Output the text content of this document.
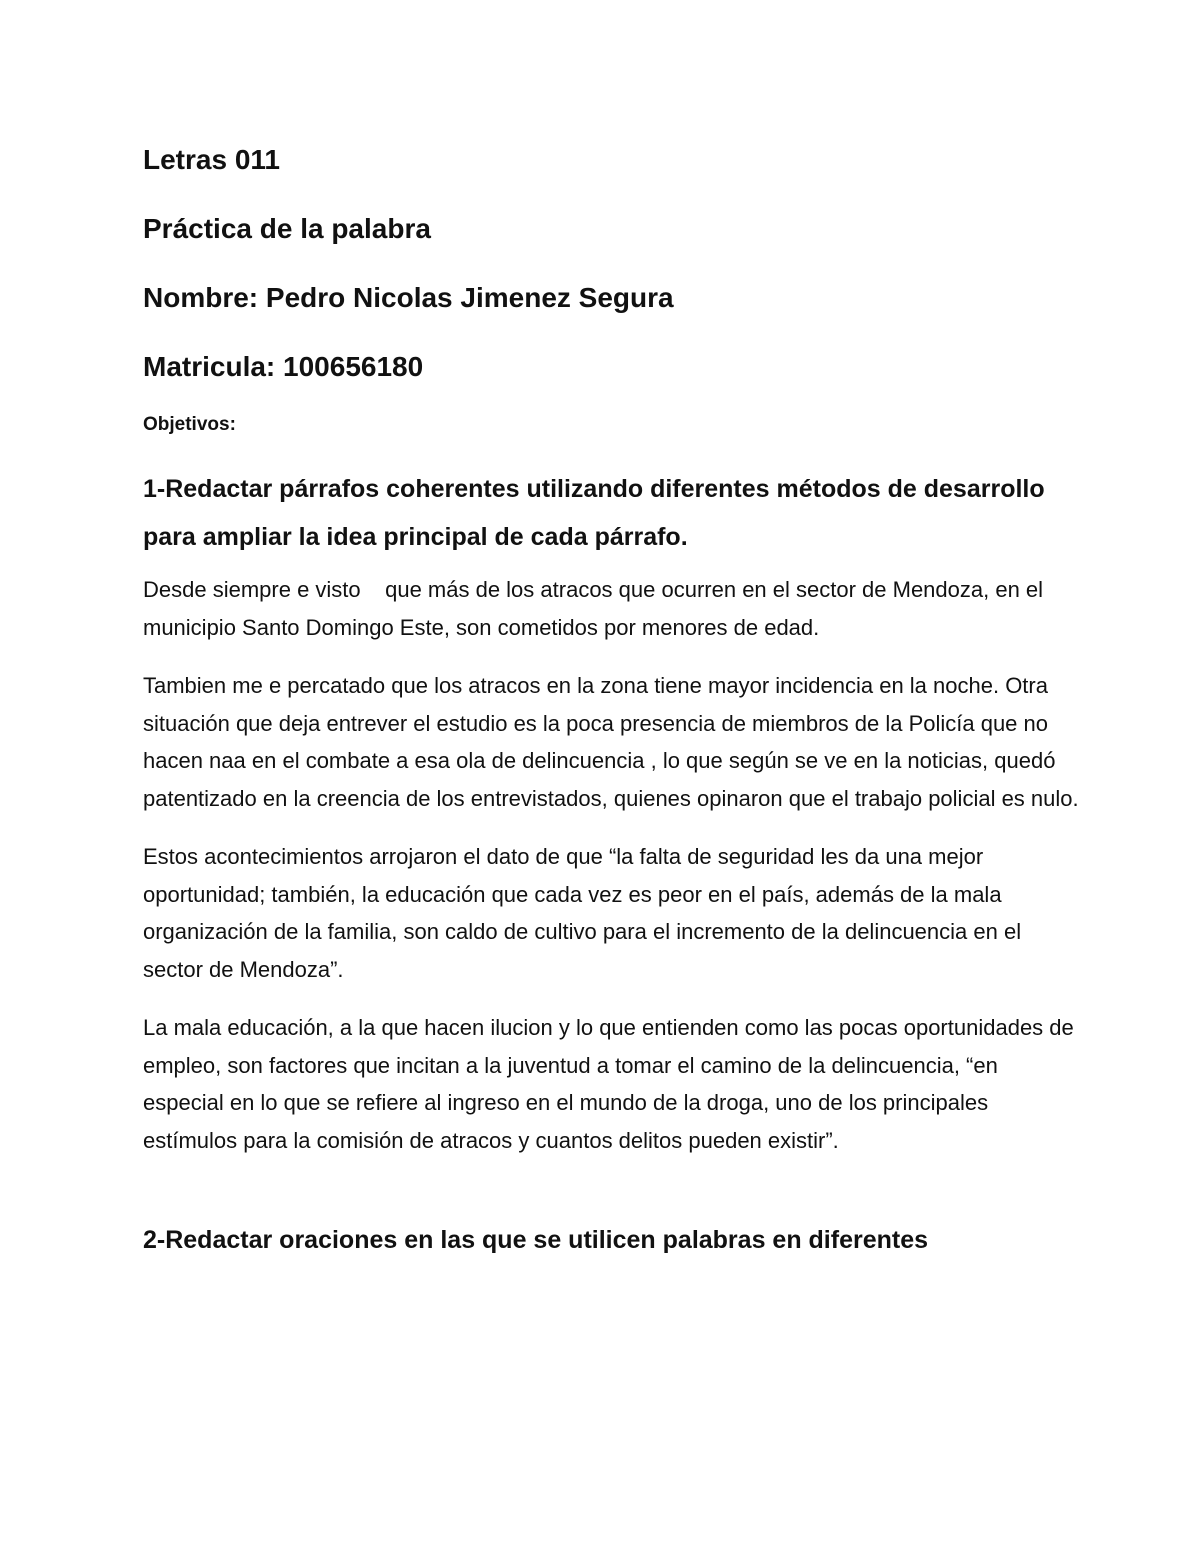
Letras 011
Práctica de la palabra
Nombre: Pedro Nicolas Jimenez Segura
Matricula: 100656180
Objetivos:
1-Redactar párrafos coherentes utilizando diferentes métodos de desarrollo para ampliar la idea principal de cada párrafo.
Desde siempre e visto    que más de los atracos que ocurren en el sector de Mendoza, en el municipio Santo Domingo Este, son cometidos por menores de edad.
Tambien me e percatado que los atracos en la zona tiene mayor incidencia en la noche. Otra situación que deja entrever el estudio es la poca presencia de miembros de la Policía que no hacen naa en el combate a esa ola de delincuencia , lo que según se ve en la noticias, quedó patentizado en la creencia de los entrevistados, quienes opinaron que el trabajo policial es nulo.
Estos acontecimientos arrojaron el dato de que “la falta de seguridad les da una mejor oportunidad; también, la educación que cada vez es peor en el país, además de la mala organización de la familia, son caldo de cultivo para el incremento de la delincuencia en el sector de Mendoza”.
La mala educación, a la que hacen ilucion y lo que entienden como las pocas oportunidades de empleo, son factores que incitan a la juventud a tomar el camino de la delincuencia, “en especial en lo que se refiere al ingreso en el mundo de la droga, uno de los principales estímulos para la comisión de atracos y cuantos delitos pueden existir”.
2-Redactar oraciones en las que se utilicen palabras en diferentes
